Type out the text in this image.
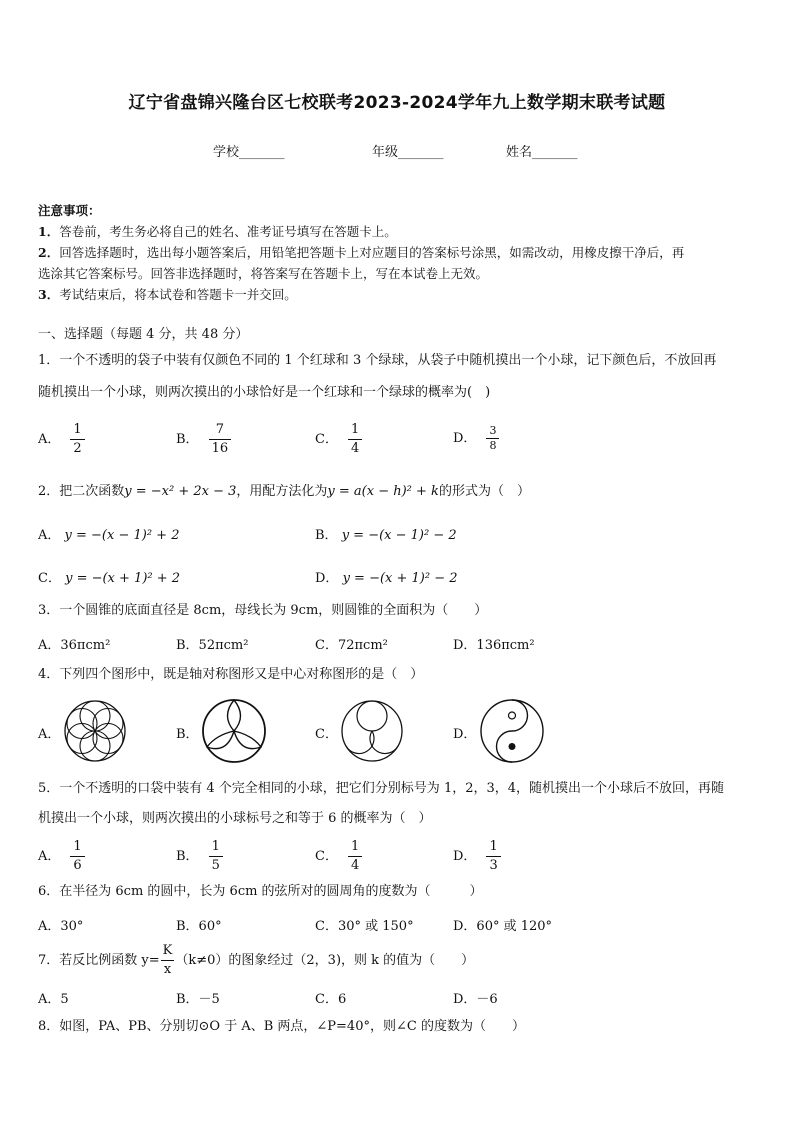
辽宁省盘锦兴隆台区七校联考2023-2024学年九上数学期末联考试题
学校_______	年级_______	姓名_______
注意事项：
1．答卷前，考生务必将自己的姓名、准考证号填写在答题卡上。
2．回答选择题时，选出每小题答案后，用铅笔把答题卡上对应题目的答案标号涂黑，如需改动，用橡皮擦干净后，再
选涂其它答案标号。回答非选择题时，将答案写在答题卡上，写在本试卷上无效。
3．考试结束后，将本试卷和答题卡一并交回。
一、选择题（每题 4 分，共 48 分）
1．一个不透明的袋子中装有仅颜色不同的 1 个红球和 3 个绿球，从袋子中随机摸出一个小球，记下颜色后，不放回再
随机摸出一个小球，则两次摸出的小球恰好是一个红球和一个绿球的概率为(　)
A． $\frac{1}{2}$	B． $\frac{7}{16}$	C． $\frac{1}{4}$	D． $\frac{3}{8}$
2．把二次函数y = −x² + 2x − 3，用配方法化为y = a(x − h)² + k的形式为（　）
A． y = −(x − 1)² + 2	B． y = −(x − 1)² − 2
C． y = −(x + 1)² + 2	D． y = −(x + 1)² − 2
3．一个圆锥的底面直径是 8cm，母线长为 9cm，则圆锥的全面积为（　　）
A．36πcm²	B．52πcm²	C．72πcm²	D．136πcm²
4．下列四个图形中，既是轴对称图形又是中心对称图形的是（　）
A．	B．	C．	D．
5．一个不透明的口袋中装有 4 个完全相同的小球，把它们分别标号为 1，2，3，4，随机摸出一个小球后不放回，再随
机摸出一个小球，则两次摸出的小球标号之和等于 6 的概率为（　）
A． $\frac{1}{6}$	B． $\frac{1}{5}$	C． $\frac{1}{4}$	D． $\frac{1}{3}$
6．在半径为 6cm 的圆中，长为 6cm 的弦所对的圆周角的度数为（　　　）
A．30°	B．60°	C．30° 或 150°	D．60° 或 120°
7．若反比例函数 $y= \frac{K}{x} (k\ne 0)$的图象经过（2，3)，则 k 的值为（　　）
A．5	B．－5	C．6	D．－6
8．如图，PA、PB、分别切⊙O 于 A、B 两点，∠P=40°，则∠C 的度数为（　　）
